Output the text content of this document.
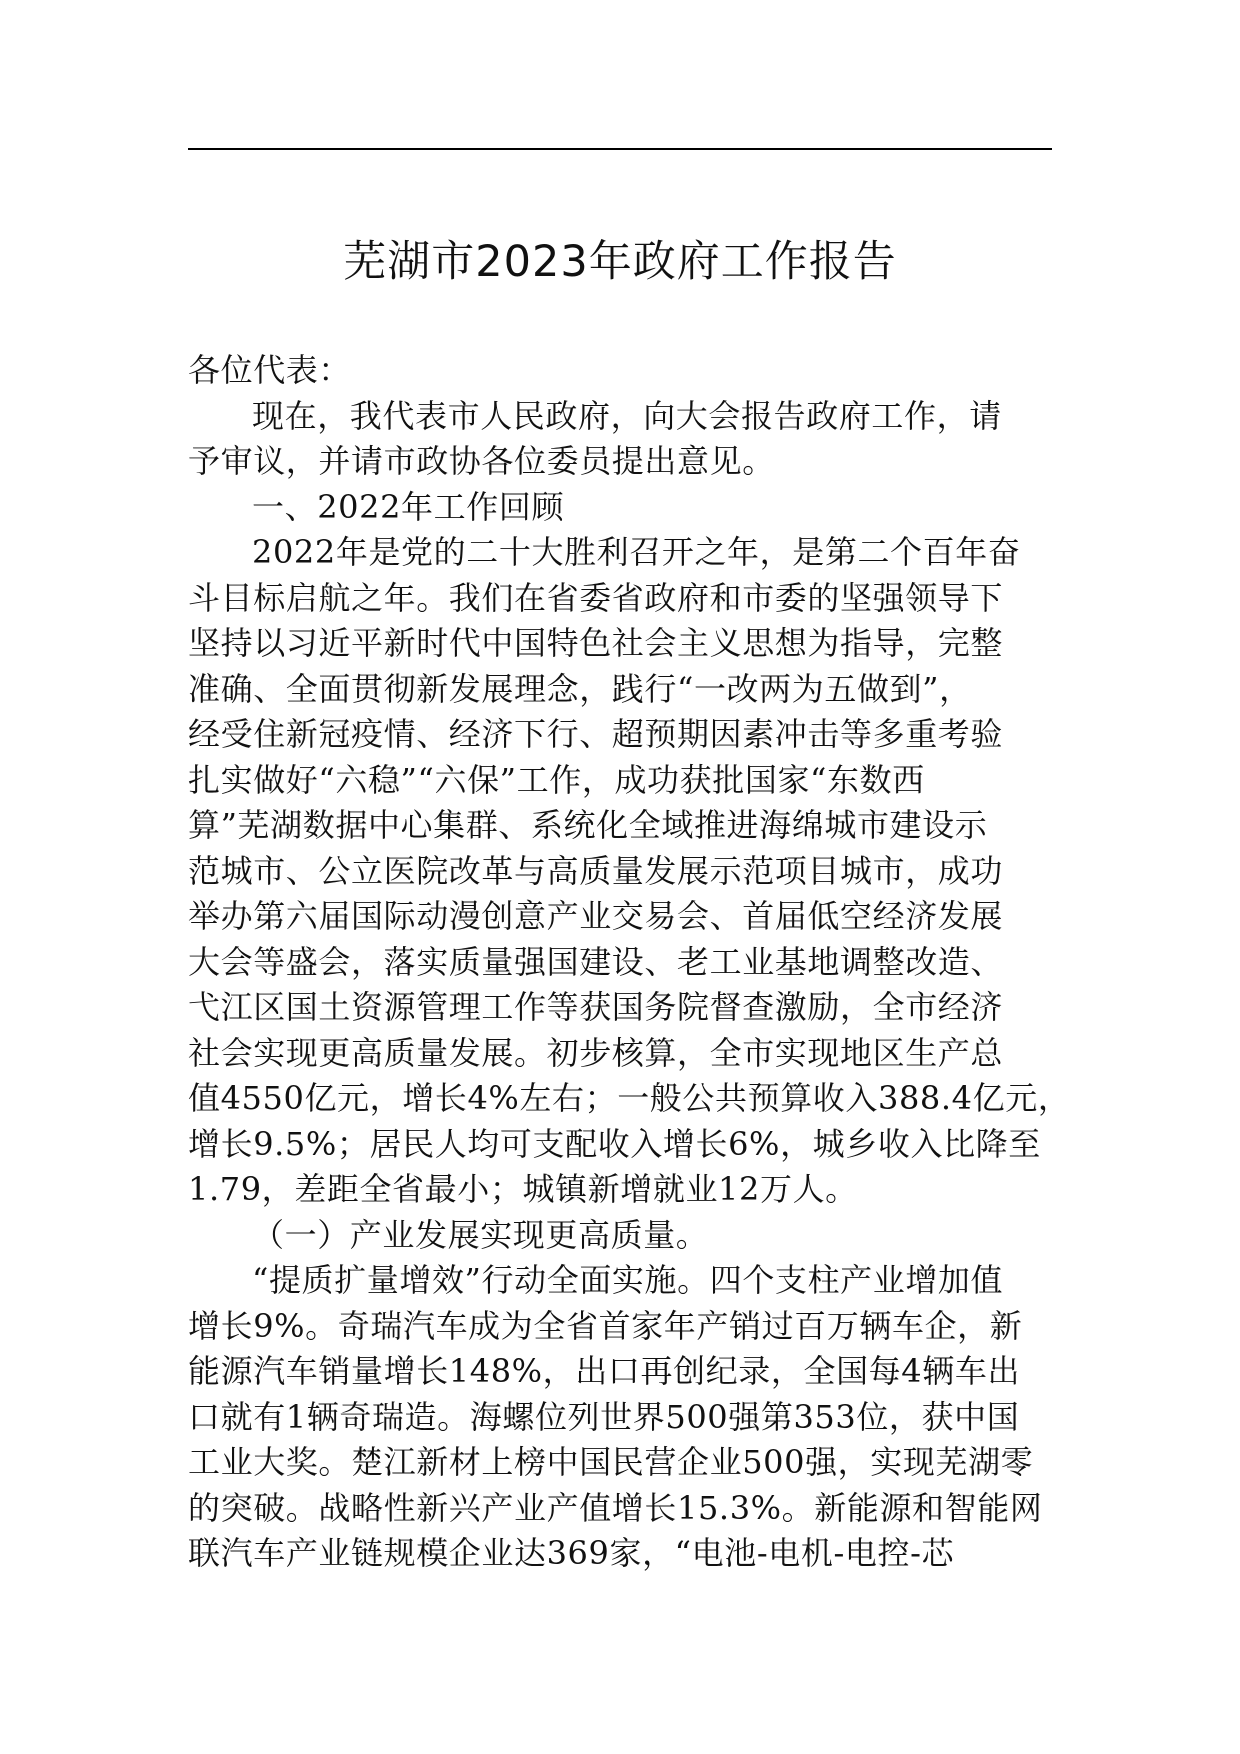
芜湖市2023年政府工作报告
各位代表：
现在，我代表市人民政府，向大会报告政府工作，请
予审议，并请市政协各位委员提出意见。
一、2022年工作回顾
2022年是党的二十大胜利召开之年，是第二个百年奋
斗目标启航之年。我们在省委省政府和市委的坚强领导下
坚持以习近平新时代中国特色社会主义思想为指导，完整
准确、全面贯彻新发展理念，践行“一改两为五做到”，
经受住新冠疫情、经济下行、超预期因素冲击等多重考验
扎实做好“六稳”“六保”工作，成功获批国家“东数西
算”芜湖数据中心集群、系统化全域推进海绵城市建设示
范城市、公立医院改革与高质量发展示范项目城市，成功
举办第六届国际动漫创意产业交易会、首届低空经济发展
大会等盛会，落实质量强国建设、老工业基地调整改造、
弋江区国土资源管理工作等获国务院督查激励，全市经济
社会实现更高质量发展。初步核算，全市实现地区生产总
值4550亿元，增长4%左右；一般公共预算收入388.4亿元，
增长9.5%；居民人均可支配收入增长6%，城乡收入比降至
1.79，差距全省最小；城镇新增就业12万人。
（一）产业发展实现更高质量。
“提质扩量增效”行动全面实施。四个支柱产业增加值
增长9%。奇瑞汽车成为全省首家年产销过百万辆车企，新
能源汽车销量增长148%，出口再创纪录，全国每4辆车出
口就有1辆奇瑞造。海螺位列世界500强第353位，获中国
工业大奖。楚江新材上榜中国民营企业500强，实现芜湖零
的突破。战略性新兴产业产值增长15.3%。新能源和智能网
联汽车产业链规模企业达369家，“电池-电机-电控-芯
